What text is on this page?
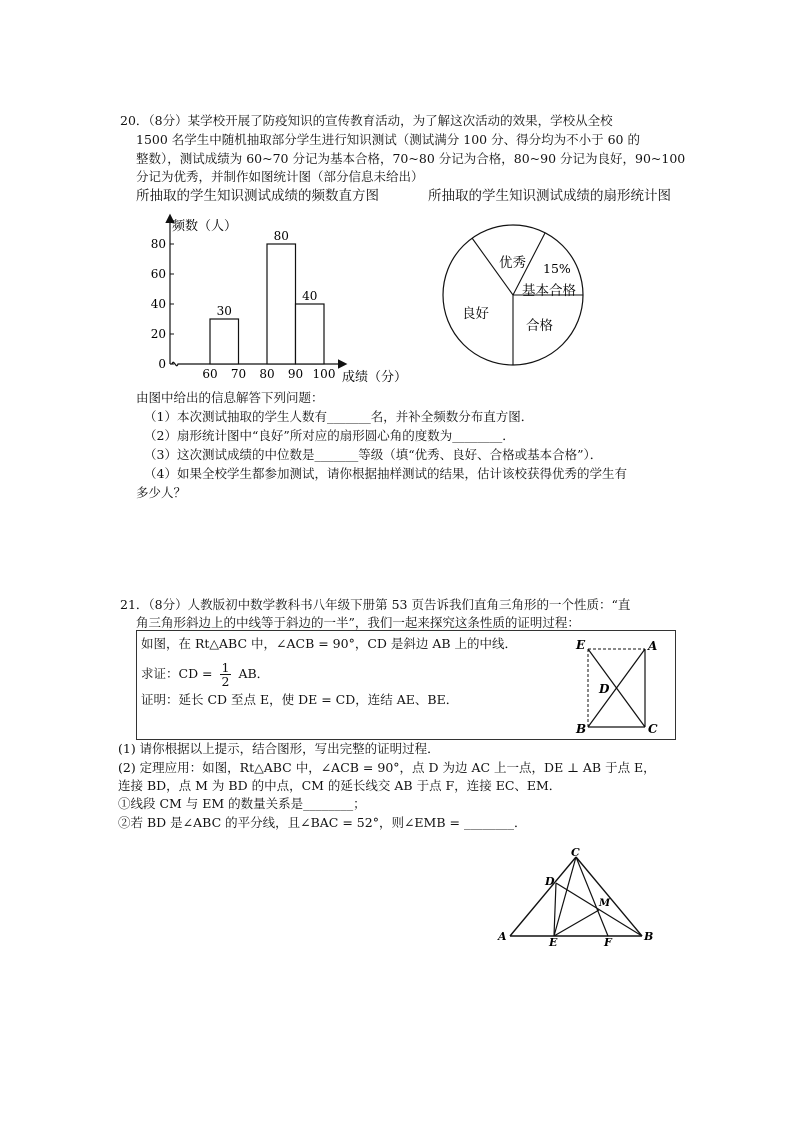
20．（8分）某学校开展了防疫知识的宣传教育活动，为了解这次活动的效果，学校从全校
1500 名学生中随机抽取部分学生进行知识测试（测试满分 100 分、得分均为不小于 60 的
整数），测试成绩为 60~70 分记为基本合格，70~80 分记为合格，80~90 分记为良好，90~100
分记为优秀，并制作如图统计图（部分信息未给出）
所抽取的学生知识测试成绩的频数直方图	所抽取的学生知识测试成绩的扇形统计图
0
20
40
60
80
60 70 80 90 100
30
80
40
频数（人）
成绩（分）
优秀 15%
基本合格
合格
良好
由图中给出的信息解答下列问题：
（1）本次测试抽取的学生人数有_______名，并补全频数分布直方图．
（2）扇形统计图中“良好”所对应的扇形圆心角的度数为________．
（3）这次测试成绩的中位数是_______等级（填“优秀、良好、合格或基本合格”）．
（4）如果全校学生都参加测试，请你根据抽样测试的结果，估计该校获得优秀的学生有
多少人？
21．（8分）人教版初中数学教科书八年级下册第 53 页告诉我们直角三角形的一个性质：“直
角三角形斜边上的中线等于斜边的一半”，我们一起来探究这条性质的证明过程：
如图，在 Rt△ABC 中，∠ACB = 90°，CD 是斜边 AB 上的中线．
求证：CD = $\frac{1}{2}$ AB．
证明：延长 CD 至点 E，使 DE = CD，连结 AE、BE．
E	A
D
B	C
(1) 请你根据以上提示，结合图形，写出完整的证明过程．
(2) 定理应用：如图，Rt△ABC 中，∠ACB = 90°，点 D 为边 AC 上一点，DE ⊥ AB 于点 E，
连接 BD，点 M 为 BD 的中点，CM 的延长线交 AB 于点 F，连接 EC、EM．
①线段 CM 与 EM 的数量关系是________；
②若 BD 是∠ABC 的平分线，且∠BAC = 52°，则∠EMB = ________．
C
D
M
A	E	F	B
